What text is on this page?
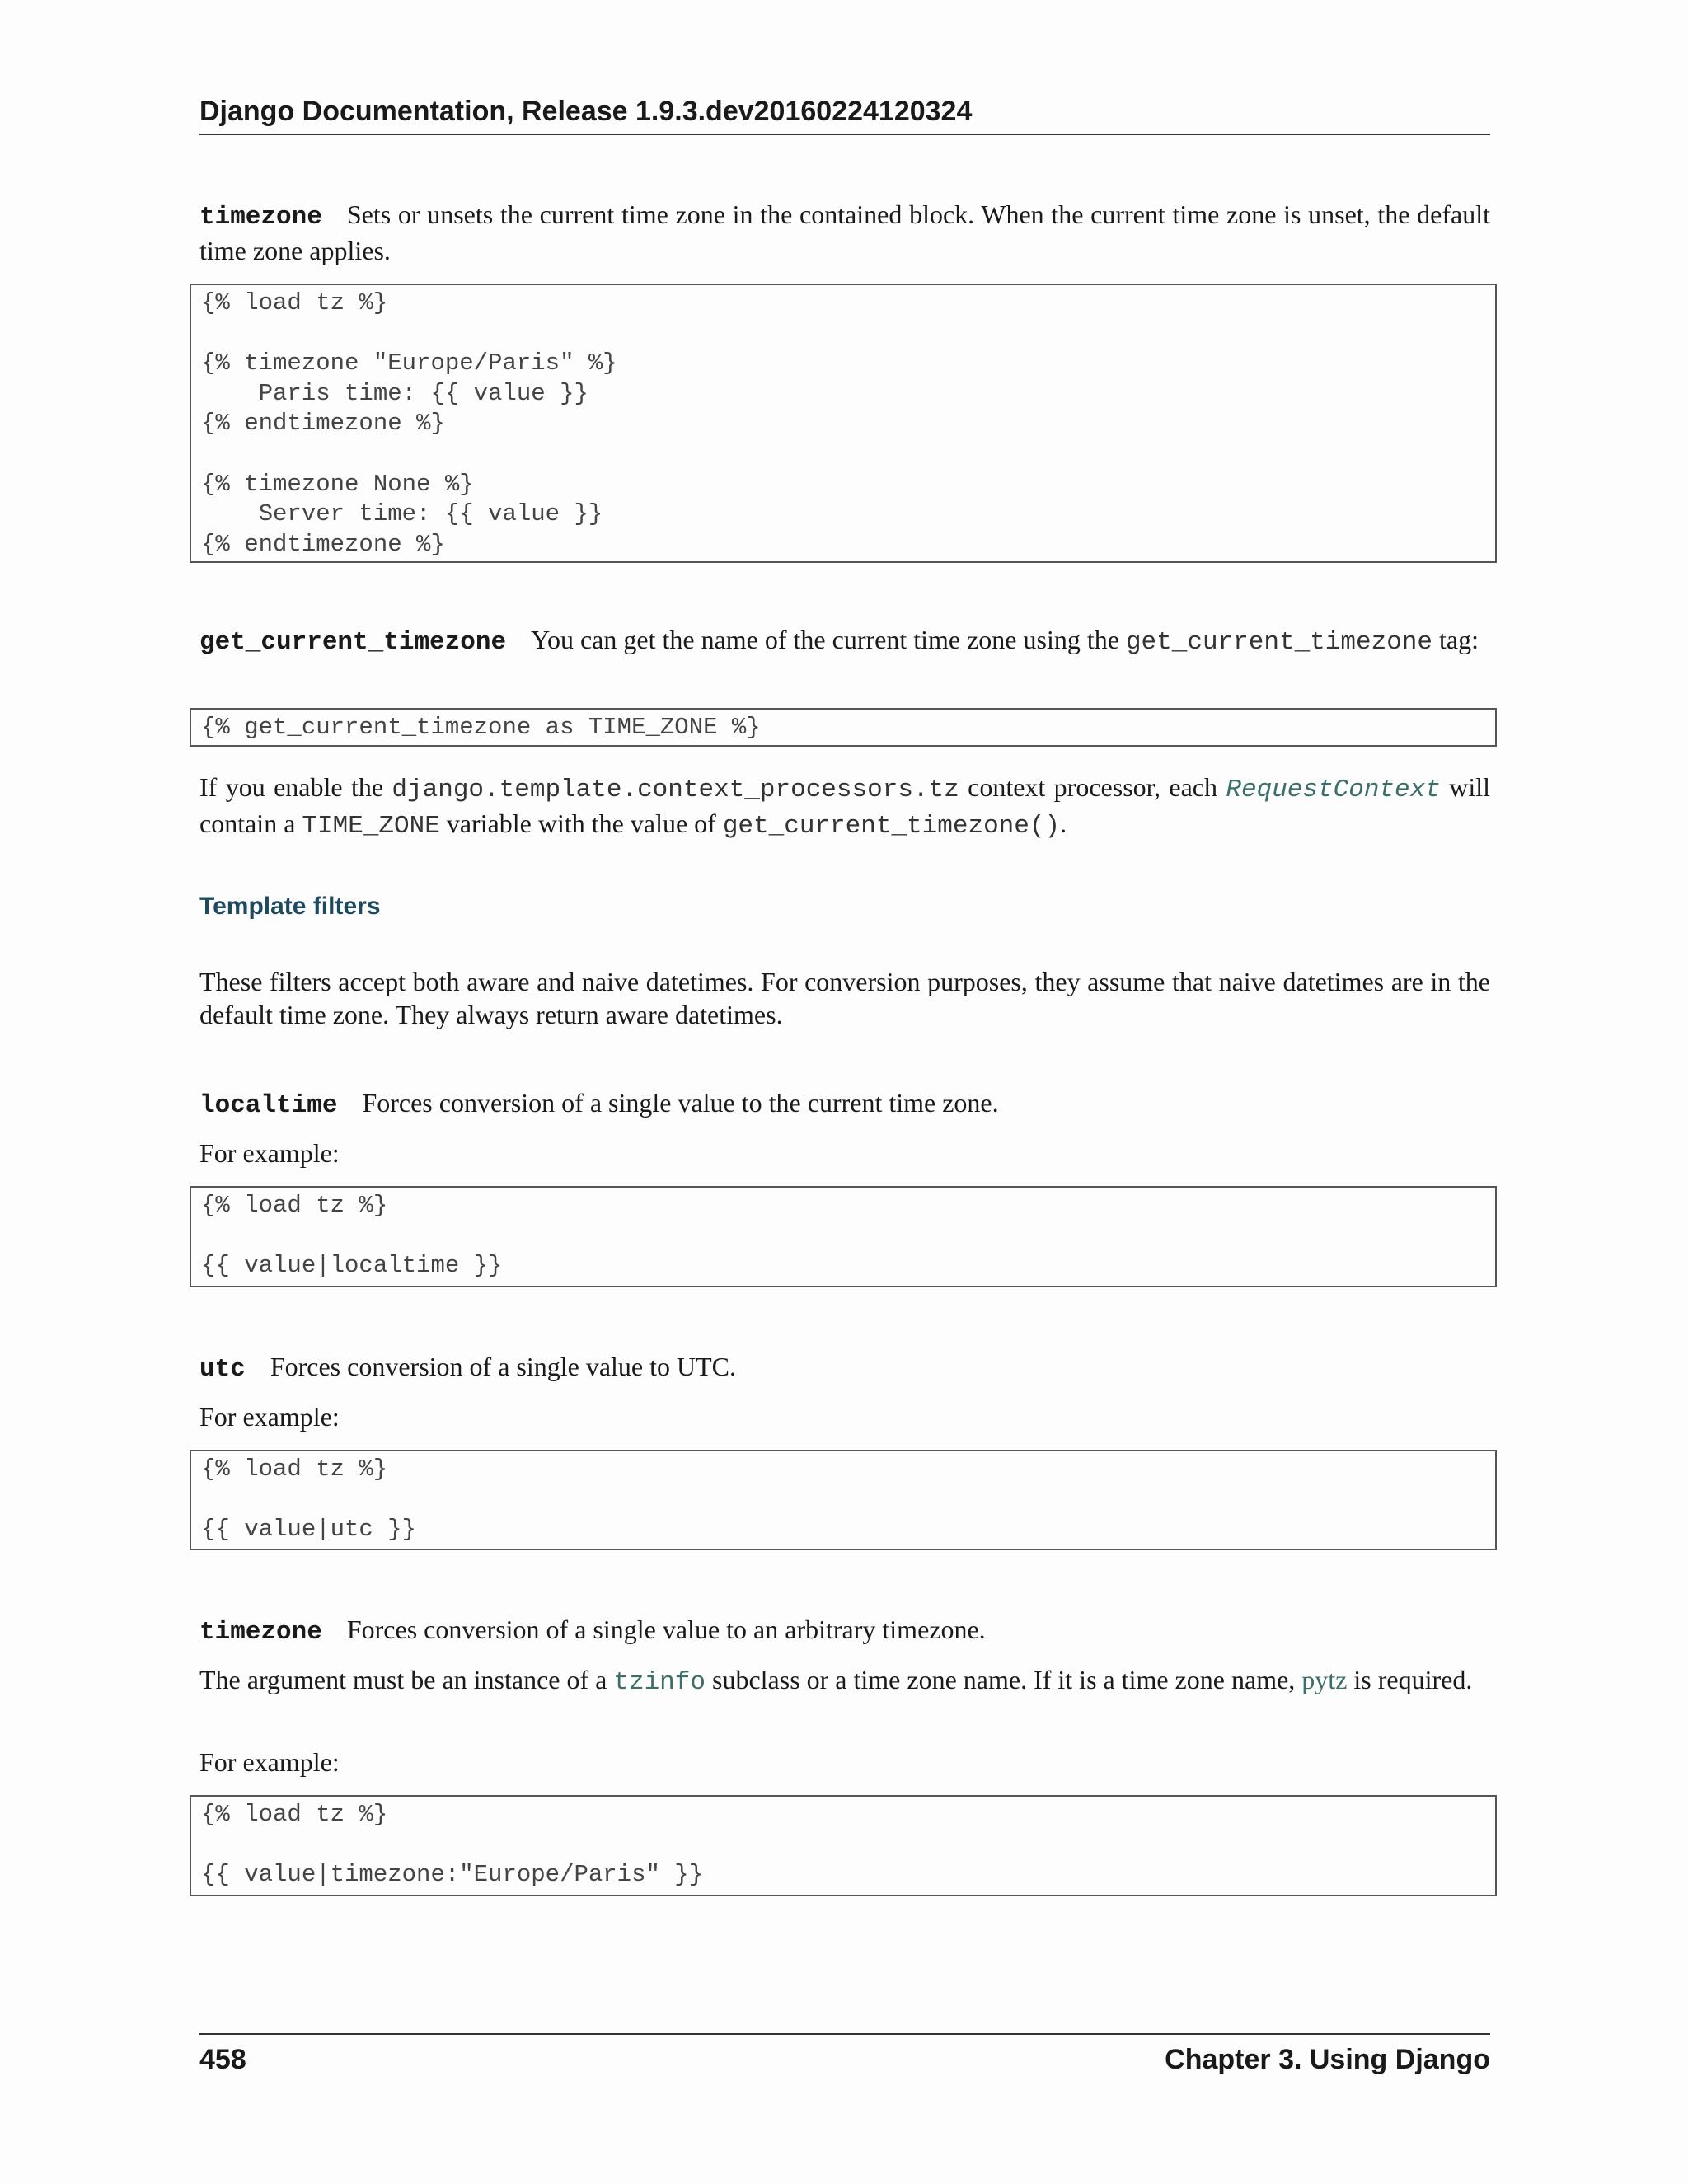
Django Documentation, Release 1.9.3.dev20160224120324

timezone Sets or unsets the current time zone in the contained block. When the current time zone is unset, the default time zone applies.

{% load tz %}

{% timezone "Europe/Paris" %}
Paris time: {{ value }}
{% endtimezone %}

{% timezone None %}
Server time: {{ value }}
{% endtimezone %}

get_current_timezone You can get the name of the current time zone using the get_current_timezone tag:

{% get_current_timezone as TIME_ZONE %}

If you enable the django.template.context_processors.tz context processor, each RequestContext will contain a TIME_ZONE variable with the value of get_current_timezone().

Template filters

These filters accept both aware and naive datetimes. For conversion purposes, they assume that naive datetimes are in the default time zone. They always return aware datetimes.

localtime Forces conversion of a single value to the current time zone.

For example:

{% load tz %}

{{ value|localtime }}

utc Forces conversion of a single value to UTC.

For example:

{% load tz %}

{{ value|utc }}

timezone Forces conversion of a single value to an arbitrary timezone.

The argument must be an instance of a tzinfo subclass or a time zone name. If it is a time zone name, pytz is required.

For example:

{% load tz %}

{{ value|timezone:"Europe/Paris" }}
458	Chapter 3. Using Django
